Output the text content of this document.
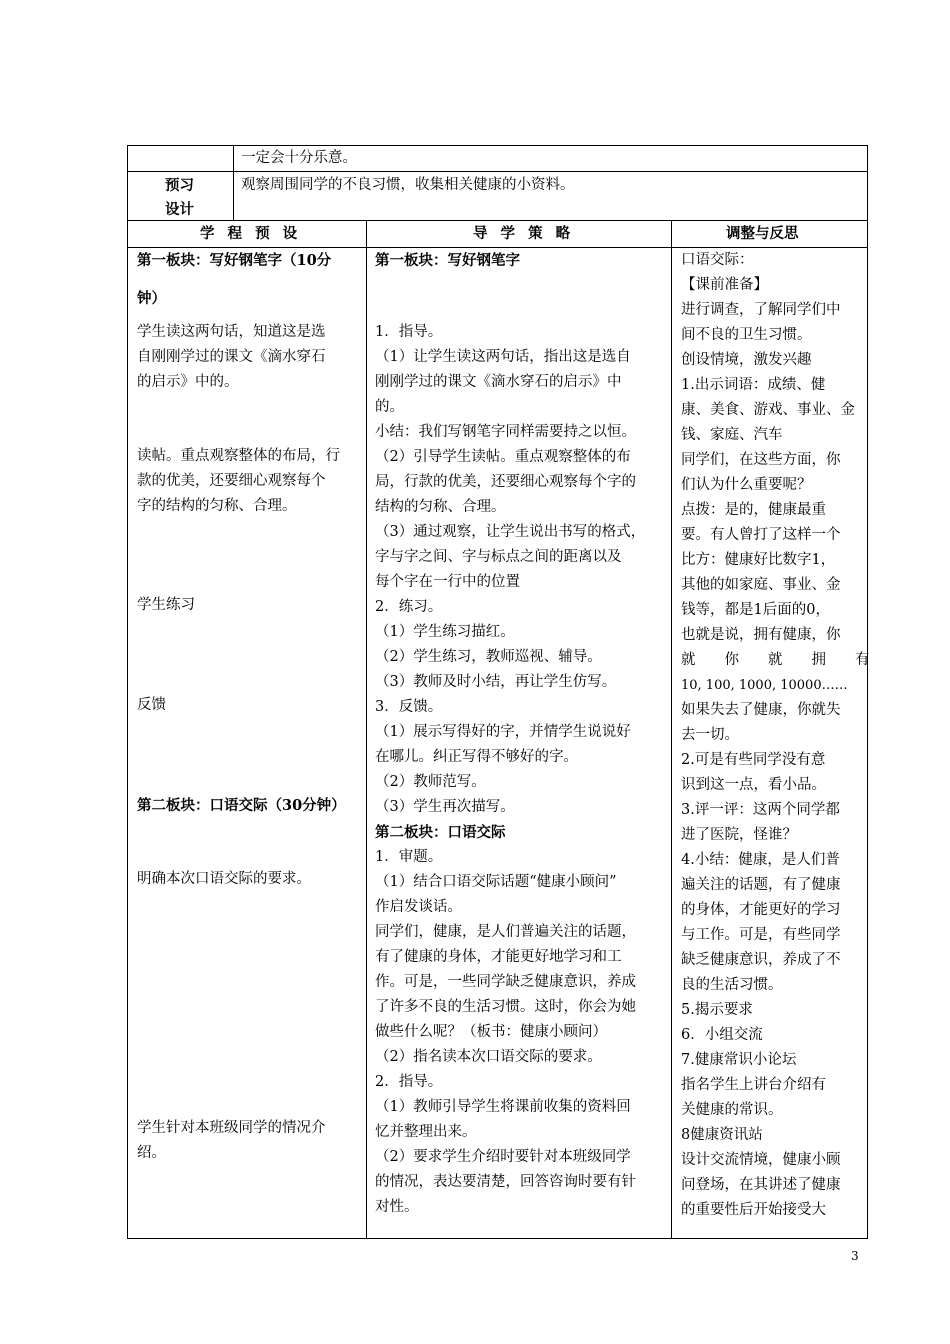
一定会十分乐意。
预习
设计
观察周围同学的不良习惯，收集相关健康的小资料。
学 程 预 设	导 学 策 略	调整与反思
第一板块：写好钢笔字（10分
钟）
学生读这两句话，知道这是选
自刚刚学过的课文《滴水穿石
的启示》中的。
读帖。重点观察整体的布局，行
款的优美，还要细心观察每个
字的结构的匀称、合理。
学生练习
反馈
第二板块：口语交际（30分钟）
明确本次口语交际的要求。
学生针对本班级同学的情况介
绍。
第一板块：写好钢笔字
1．指导。
（1）让学生读这两句话，指出这是选自
刚刚学过的课文《滴水穿石的启示》中
的。
小结：我们写钢笔字同样需要持之以恒。
（2）引导学生读帖。重点观察整体的布
局，行款的优美，还要细心观察每个字的
结构的匀称、合理。
（3）通过观察，让学生说出书写的格式，
字与字之间、字与标点之间的距离以及
每个字在一行中的位置
2．练习。
（1）学生练习描红。
（2）学生练习，教师巡视、辅导。
（3）教师及时小结，再让学生仿写。
3．反馈。
（1）展示写得好的字，并情学生说说好
在哪儿。纠正写得不够好的字。
（2）教师范写。
（3）学生再次描写。
第二板块：口语交际
1．审题。
（1）结合口语交际话题“健康小顾问”
作启发谈话。
同学们，健康，是人们普遍关注的话题，
有了健康的身体，才能更好地学习和工
作。可是，一些同学缺乏健康意识，养成
了许多不良的生活习惯。这时，你会为她
做些什么呢？（板书：健康小顾问）
（2）指名读本次口语交际的要求。
2．指导。
（1）教师引导学生将课前收集的资料回
忆并整理出来。
（2）要求学生介绍时要针对本班级同学
的情况，表达要清楚，回答咨询时要有针
对性。
口语交际：
【课前准备】
进行调查，了解同学们中
间不良的卫生习惯。
创设情境，激发兴趣
1.出示词语：成绩、健
康、美食、游戏、事业、金
钱、家庭、汽车
同学们，在这些方面，你
们认为什么重要呢？
点拨：是的，健康最重
要。有人曾打了这样一个
比方：健康好比数字1，
其他的如家庭、事业、金
钱等，都是1后面的0，
也就是说，拥有健康，你
就　　你　　就　　拥　　有
10, 100, 1000, 10000……
如果失去了健康，你就失
去一切。
2.可是有些同学没有意
识到这一点，看小品。
3.评一评：这两个同学都
进了医院，怪谁？
4.小结：健康，是人们普
遍关注的话题，有了健康
的身体，才能更好的学习
与工作。可是，有些同学
缺乏健康意识，养成了不
良的生活习惯。
5.揭示要求
6．小组交流
7.健康常识小论坛
指名学生上讲台介绍有
关健康的常识。
8健康资讯站
设计交流情境，健康小顾
问登场，在其讲述了健康
的重要性后开始接受大
3
